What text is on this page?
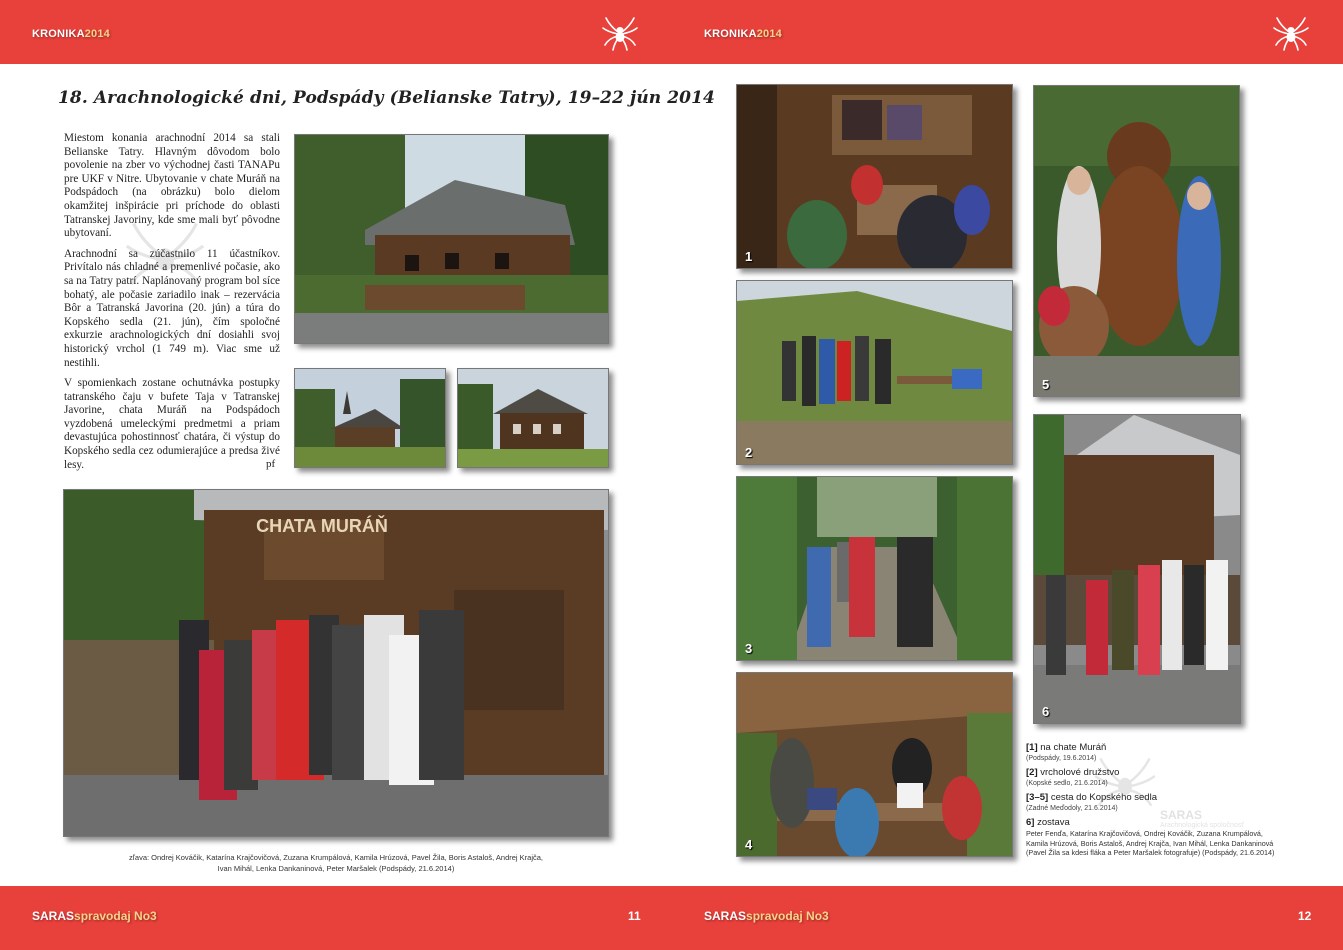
KRONIKA2014	KRONIKA2014
SARASspravodaj No3	11	SARASspravodaj No3	12
18. Arachnologické dni, Podspády (Belianske Tatry), 19–22 jún 2014

Miestom konania arachnodní 2014 sa stali Belianske Tatry. Hlavným dôvodom bolo povolenie na zber vo východnej časti TANAPu pre UKF v Nitre. Ubytovanie v chate Muráň na Podspádoch (na obrázku) bolo dielom okamžitej inšpirácie pri príchode do oblasti Tatranskej Javoriny, kde sme mali byť pôvodne ubytovaní.

Arachnodní sa zúčastnilo 11 účastníkov. Privítalo nás chladné a premenlivé počasie, ako sa na Tatry patrí. Naplánovaný program bol síce bohatý, ale počasie zariadilo inak – rezervácia Bôr a Tatranská Javorina (20. jún) a túra do Kopského sedla (21. jún), čím spoločné exkurzie arachnologických dní dosiahli svoj historický vrchol (1 749 m). Viac sme už nestihli.

V spomienkach zostane ochutnávka postupky tatranského čaju v bufete Taja v Tatranskej Javorine, chata Muráň na Podspádoch vyzdobená umeleckými predmetmi a priam devastujúca pohostinnosť chatára, či výstup do Kopského sedla cez odumierajúce a predsa živé lesy.	pf
CHATA MURÁŇ
zľava: Ondrej Kováčik, Katarína Krajčovičová, Zuzana Krumpálová, Kamila Hrúzová, Pavel Žila, Boris Astaloš, Andrej Krajča,
Ivan Mihál, Lenka Dankaninová, Peter Maršalek (Podspády, 21.6.2014)
1
2
3
4
5
6
SARAS
Arachnologická spoločnosť
[1] na chate Muráň
(Podspády, 19.6.2014)
[2] vrcholové družstvo
(Kopské sedlo, 21.6.2014)
[3–5] cesta do Kopského sedla
(Zadné Meďodoly, 21.6.2014)
6] zostava
Peter Fenďa, Katarína Krajčovičová, Ondrej Kováčik, Zuzana Krumpálová,
Kamila Hrúzová, Boris Astaloš, Andrej Krajča, Ivan Mihál, Lenka Dankaninová
(Pavel Žila sa kdesi fláka a Peter Maršalek fotografuje) (Podspády, 21.6.2014)
